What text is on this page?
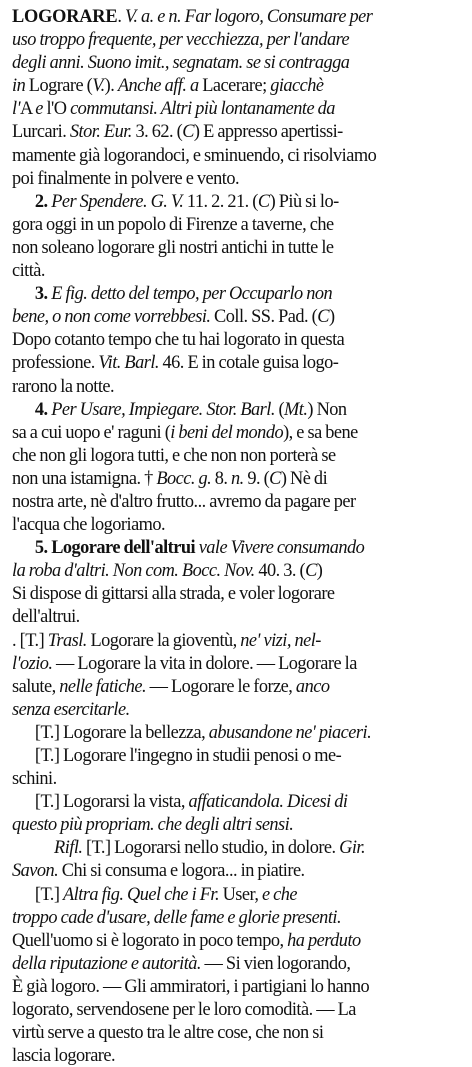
LOGORARE. V. a. e n. Far logoro, Consumare per
uso troppo frequente, per vecchiezza, per l'andare
degli anni. Suono imit., segnatam. se si contragga
in Lograre (V.). Anche aff. a Lacerare; giacchè
l'A e l'O commutansi. Altri più lontanamente da
Lurcari. Stor. Eur. 3. 62. (C) E appresso apertissi-
mamente già logorandoci, e sminuendo, ci risolviamo
poi finalmente in polvere e vento.
2. Per Spendere. G. V. 11. 2. 21. (C) Più si lo-
gora oggi in un popolo di Firenze a taverne, che
non soleano logorare gli nostri antichi in tutte le
città.
3. E fig. detto del tempo, per Occuparlo non
bene, o non come vorrebbesi. Coll. SS. Pad. (C)
Dopo cotanto tempo che tu hai logorato in questa
professione. Vit. Barl. 46. E in cotale guisa logo-
rarono la notte.
4. Per Usare, Impiegare. Stor. Barl. (Mt.) Non
sa a cui uopo e' raguni (i beni del mondo), e sa bene
che non gli logora tutti, e che non non porterà se
non una istamigna. † Bocc. g. 8. n. 9. (C) Nè di
nostra arte, nè d'altro frutto... avremo da pagare per
l'acqua che logoriamo.
5. Logorare dell'altrui vale Vivere consumando
la roba d'altri. Non com. Bocc. Nov. 40. 3. (C)
Si dispose di gittarsi alla strada, e voler logorare
dell'altrui.
. [T.] Trasl. Logorare la gioventù, ne' vizi, nel-
l'ozio. — Logorare la vita in dolore. — Logorare la
salute, nelle fatiche. — Logorare le forze, anco
senza esercitarle.
[T.] Logorare la bellezza, abusandone ne' piaceri.
[T.] Logorare l'ingegno in studii penosi o me-
schini.
[T.] Logorarsi la vista, affaticandola. Dicesi di
questo più propriam. che degli altri sensi.
Rifl. [T.] Logorarsi nello studio, in dolore. Gir.
Savon. Chi si consuma e logora... in piatire.
[T.] Altra fig. Quel che i Fr. User, e che
troppo cade d'usare, delle fame e glorie presenti.
Quell'uomo si è logorato in poco tempo, ha perduto
della riputazione e autorità. — Si vien logorando,
È già logoro. — Gli ammiratori, i partigiani lo hanno
logorato, servendosene per le loro comodità. — La
virtù serve a questo tra le altre cose, che non si
lascia logorare.
